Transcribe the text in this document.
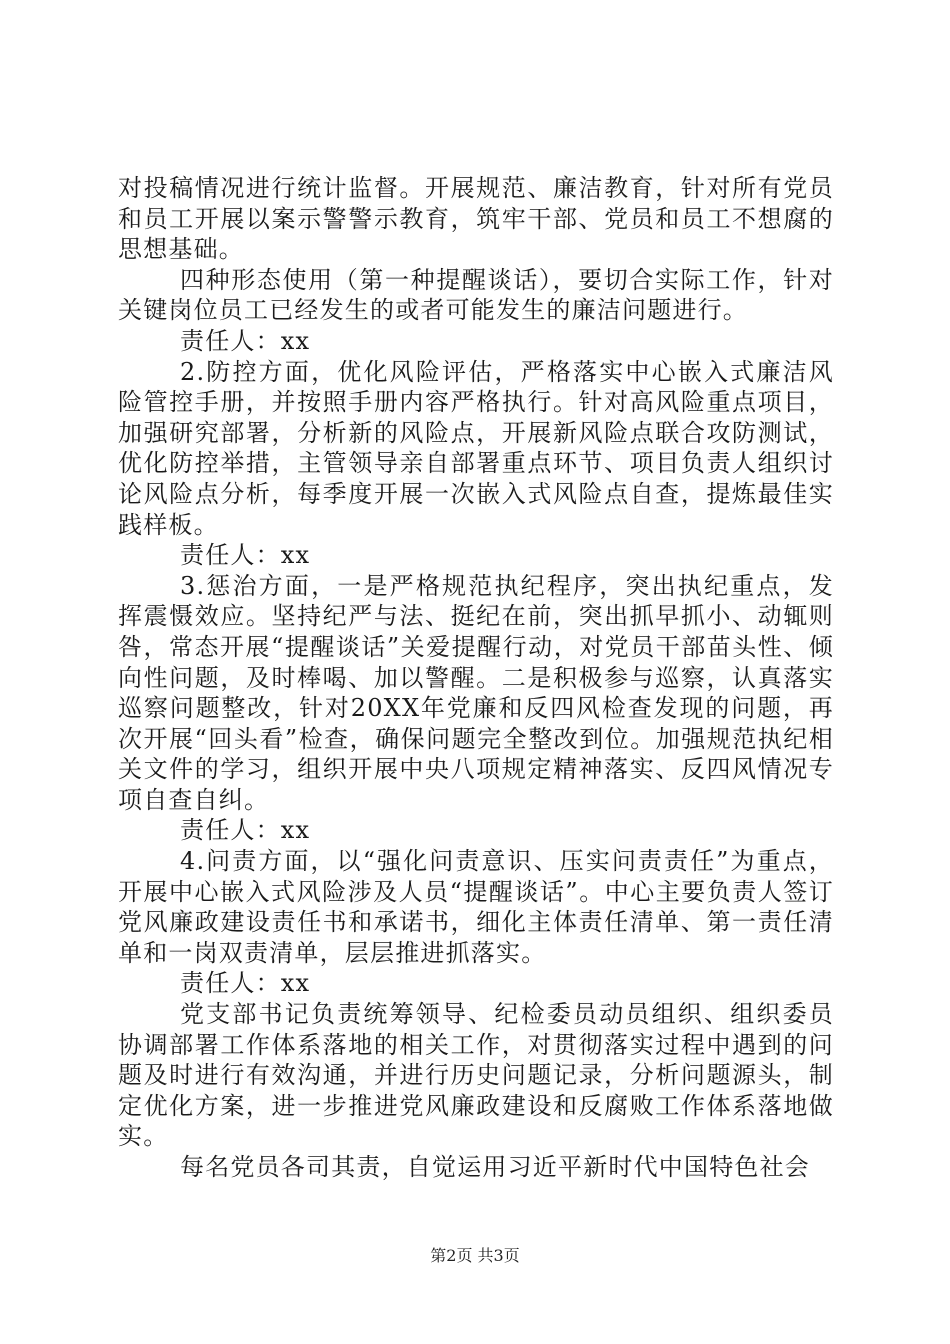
对投稿情况进行统计监督。开展规范、廉洁教育，针对所有党员和员工开展以案示警警示教育，筑牢干部、党员和员工不想腐的思想基础。

四种形态使用（第一种提醒谈话），要切合实际工作，针对关键岗位员工已经发生的或者可能发生的廉洁问题进行。

责任人：xx

2.防控方面，优化风险评估，严格落实中心嵌入式廉洁风险管控手册，并按照手册内容严格执行。针对高风险重点项目，加强研究部署，分析新的风险点，开展新风险点联合攻防测试，优化防控举措，主管领导亲自部署重点环节、项目负责人组织讨论风险点分析，每季度开展一次嵌入式风险点自查，提炼最佳实践样板。

责任人：xx

3.惩治方面，一是严格规范执纪程序，突出执纪重点，发挥震慑效应。坚持纪严与法、挺纪在前，突出抓早抓小、动辄则咎，常态开展“提醒谈话”关爱提醒行动，对党员干部苗头性、倾向性问题，及时棒喝、加以警醒。二是积极参与巡察，认真落实巡察问题整改，针对20XX年党廉和反四风检查发现的问题，再次开展“回头看”检查，确保问题完全整改到位。加强规范执纪相关文件的学习，组织开展中央八项规定精神落实、反四风情况专项自查自纠。

责任人：xx

4.问责方面，以“强化问责意识、压实问责责任”为重点，开展中心嵌入式风险涉及人员“提醒谈话”。中心主要负责人签订党风廉政建设责任书和承诺书，细化主体责任清单、第一责任清单和一岗双责清单，层层推进抓落实。

责任人：xx

党支部书记负责统筹领导、纪检委员动员组织、组织委员协调部署工作体系落地的相关工作，对贯彻落实过程中遇到的问题及时进行有效沟通，并进行历史问题记录，分析问题源头，制定优化方案，进一步推进党风廉政建设和反腐败工作体系落地做实。

每名党员各司其责，自觉运用习近平新时代中国特色社会

第2页 共3页
